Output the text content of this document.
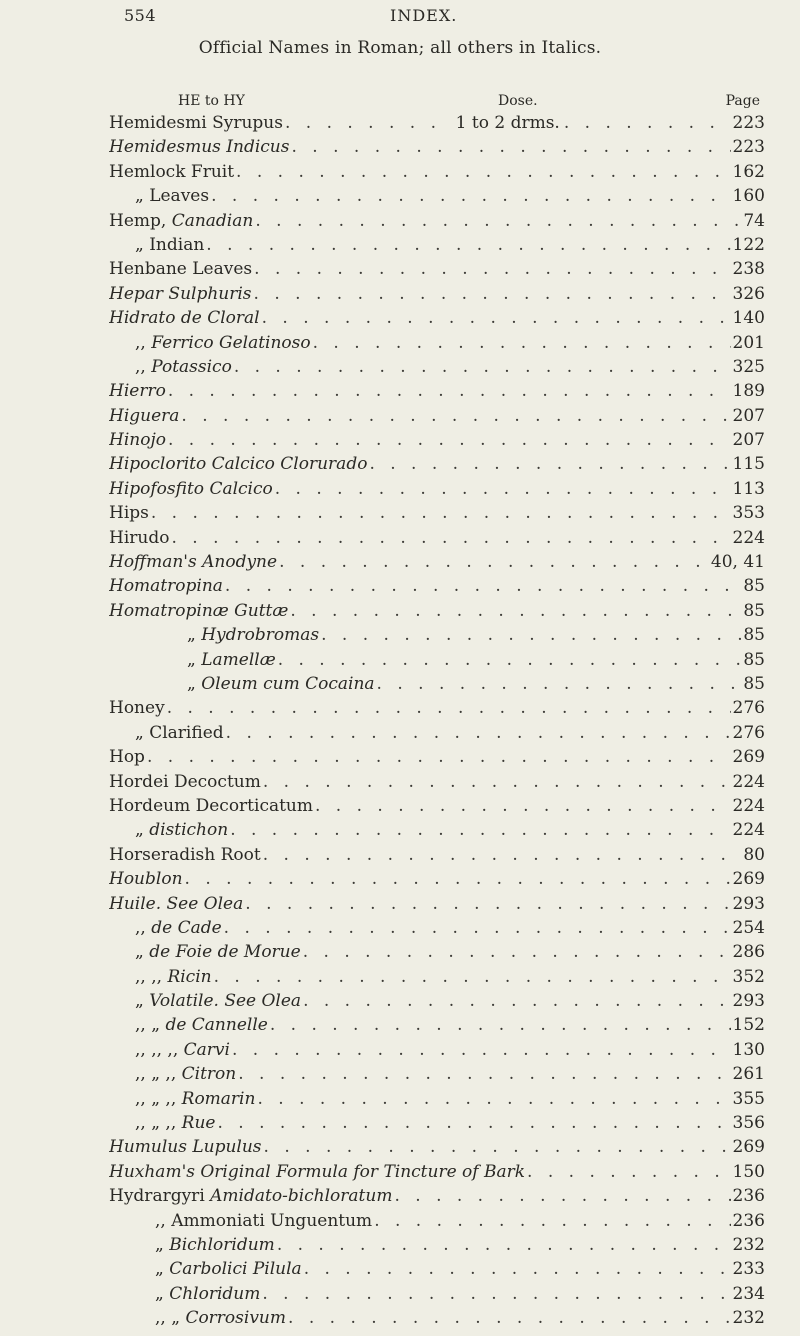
554	INDEX.
Official Names in Roman; all others in Italics.
HE to HY	Dose.	Page
Hemidesmi Syrupus . . .	1 to 2 drms. . . .	223
Hemidesmus Indicus . . .	223
Hemlock Fruit . . .	162
„ Leaves . . .	160
Hemp, Canadian . . .	74
„ Indian . . .	122
Henbane Leaves . . .	238
Hepar Sulphuris . . .	326
Hidrato de Cloral . . .	140
,, Ferrico Gelatinoso . . .	201
,, Potassico . . .	325
Hierro . . .	189
Higuera . . .	207
Hinojo . . .	207
Hipoclorito Calcico Clorurado . . .	115
Hipofosfito Calcico . . .	113
Hips . . .	353
Hirudo . . .	224
Hoffman's Anodyne . . .	40, 41
Homatropina . . .	85
Homatropinæ Guttæ . . .	85
„ Hydrobromas . . .	85
„ Lamellæ . . .	85
„ Oleum cum Cocaina . . .	85
Honey . . .	276
„ Clarified . . .	276
Hop . . .	269
Hordei Decoctum . . .	224
Hordeum Decorticatum . . .	224
„ distichon . . .	224
Horseradish Root . . .	80
Houblon . . .	269
Huile. See Olea . . .	293
,, de Cade . . .	254
„ de Foie de Morue . . .	286
,, ,, Ricin . . .	352
„ Volatile. See Olea . . .	293
,, „ de Cannelle . . .	152
,, ,, ,, Carvi . . .	130
,, „ ,, Citron . . .	261
,, „ ,, Romarin . . .	355
,, „ ,, Rue . . .	356
Humulus Lupulus . . .	269
Huxham's Original Formula for Tincture of Bark . . .	150
Hydrargyri Amidato-bichloratum . . .	236
,, Ammoniati Unguentum . . .	236
„ Bichloridum . . .	232
„ Carbolici Pilula . . .	233
„ Chloridum . . .	234
,, „ Corrosivum . . .	232
